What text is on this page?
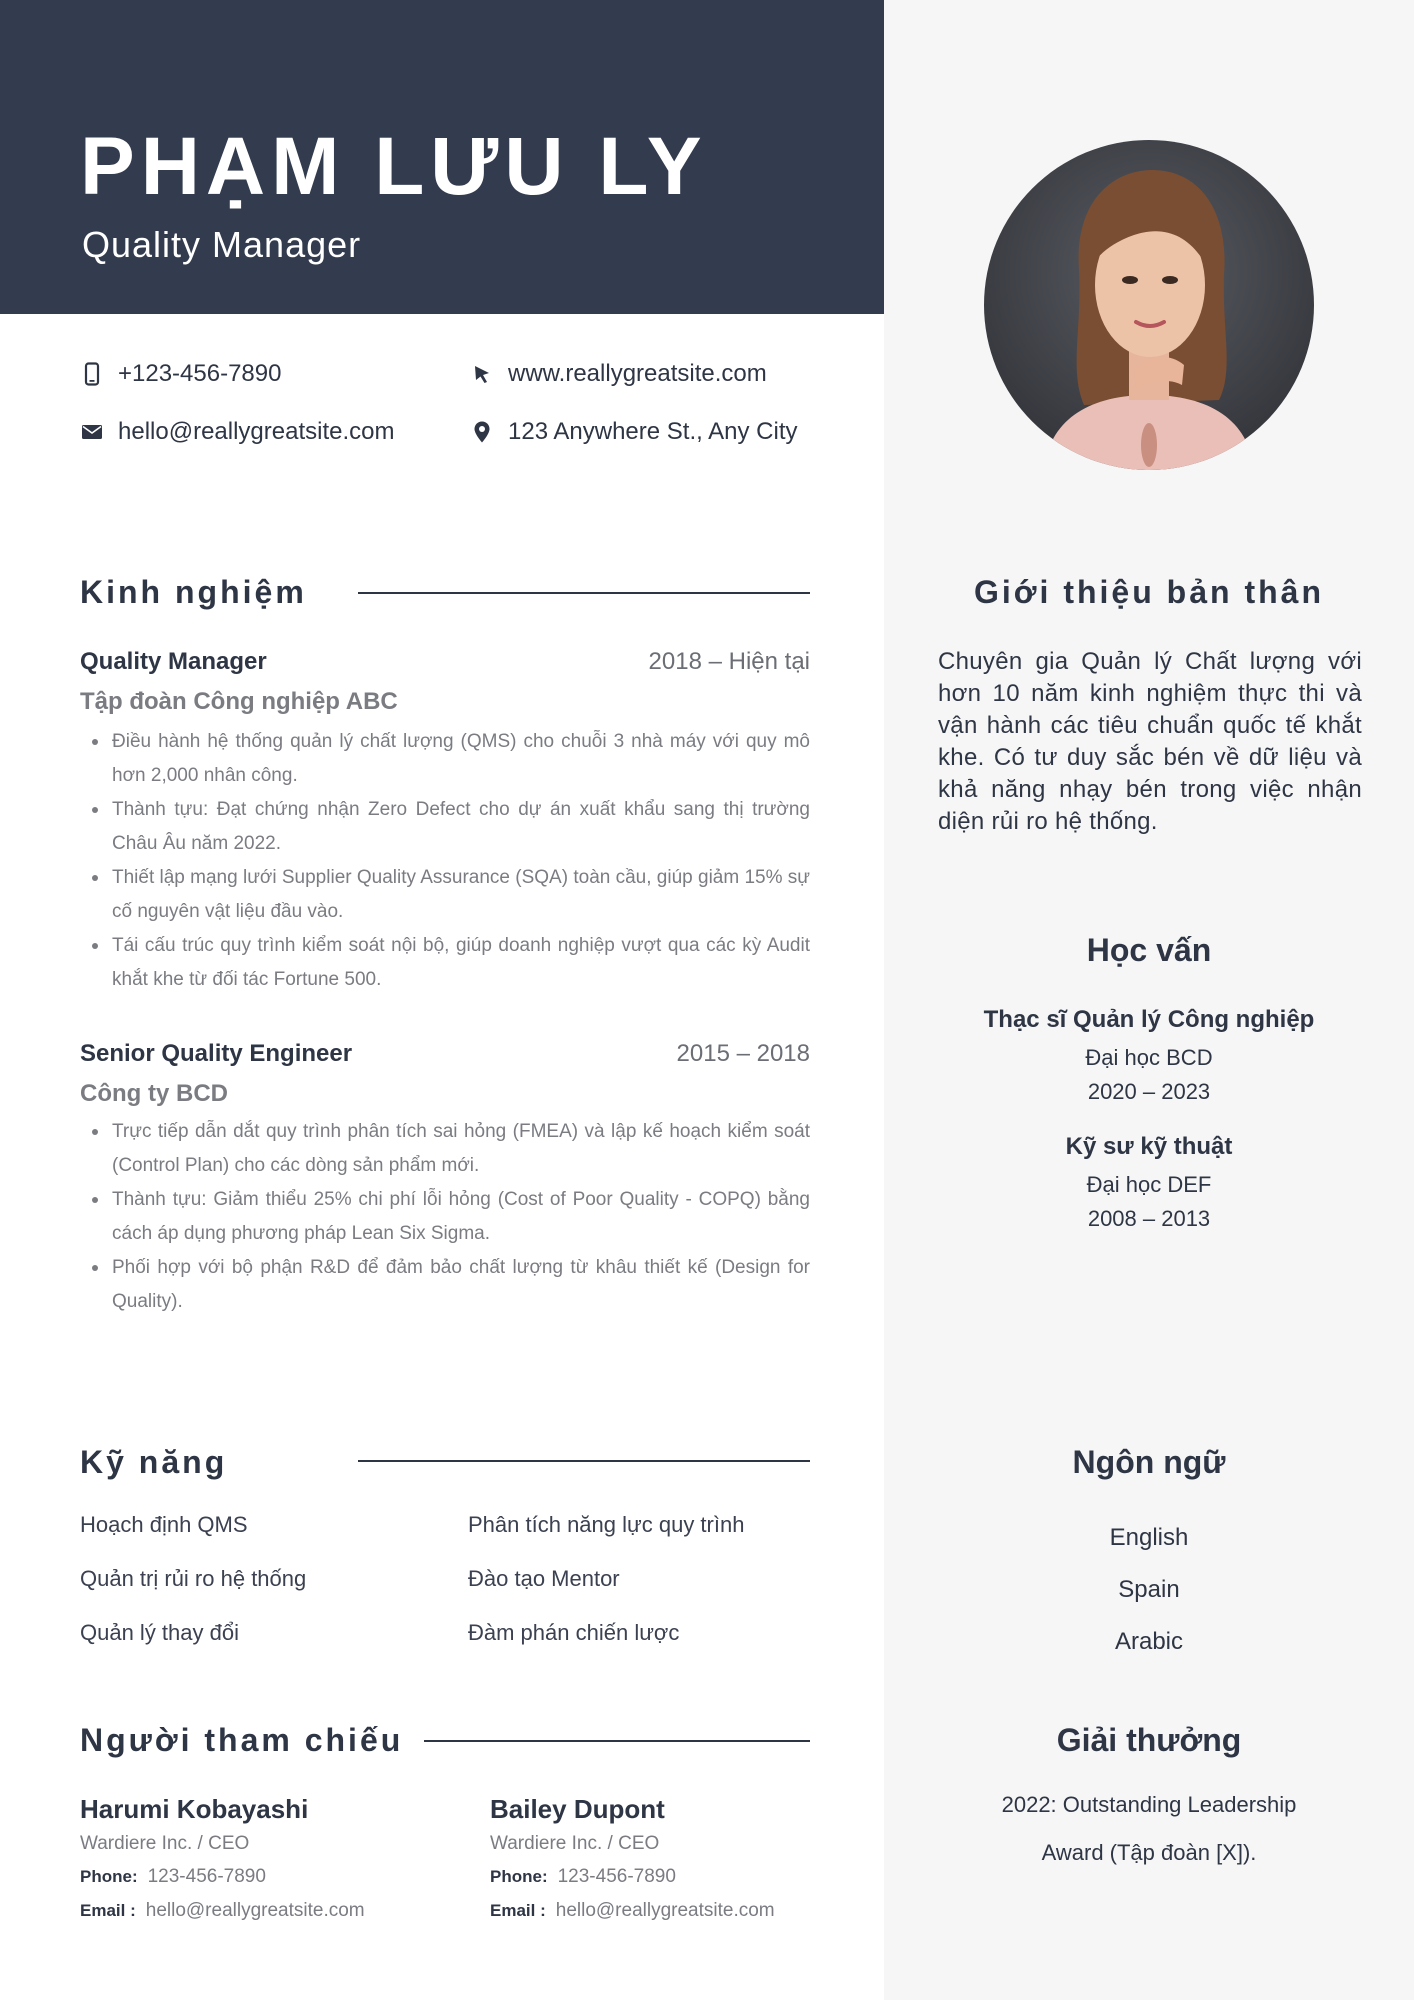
PHẠM LƯU LY
Quality Manager
+123-456-7890	www.reallygreatsite.com
hello@reallygreatsite.com	123 Anywhere St., Any City
Kinh nghiệm
Quality Manager	2018 – Hiện tại
Tập đoàn Công nghiệp ABC
Điều hành hệ thống quản lý chất lượng (QMS) cho chuỗi 3 nhà máy với quy mô hơn 2,000 nhân công.
Thành tựu: Đạt chứng nhận Zero Defect cho dự án xuất khẩu sang thị trường Châu Âu năm 2022.
Thiết lập mạng lưới Supplier Quality Assurance (SQA) toàn cầu, giúp giảm 15% sự cố nguyên vật liệu đầu vào.
Tái cấu trúc quy trình kiểm soát nội bộ, giúp doanh nghiệp vượt qua các kỳ Audit khắt khe từ đối tác Fortune 500.
Senior Quality Engineer	2015 – 2018
Công ty BCD
Trực tiếp dẫn dắt quy trình phân tích sai hỏng (FMEA) và lập kế hoạch kiểm soát (Control Plan) cho các dòng sản phẩm mới.
Thành tựu: Giảm thiểu 25% chi phí lỗi hỏng (Cost of Poor Quality - COPQ) bằng cách áp dụng phương pháp Lean Six Sigma.
Phối hợp với bộ phận R&D để đảm bảo chất lượng từ khâu thiết kế (Design for Quality).
Kỹ năng
Hoạch định QMS	Phân tích năng lực quy trình
Quản trị rủi ro hệ thống	Đào tạo Mentor
Quản lý thay đổi	Đàm phán chiến lược
Người tham chiếu
Harumi Kobayashi
Wardiere Inc. / CEO
Phone: 123-456-7890
Email : hello@reallygreatsite.com
Bailey Dupont
Wardiere Inc. / CEO
Phone: 123-456-7890
Email : hello@reallygreatsite.com
Giới thiệu bản thân
Chuyên gia Quản lý Chất lượng với hơn 10 năm kinh nghiệm thực thi và vận hành các tiêu chuẩn quốc tế khắt khe. Có tư duy sắc bén về dữ liệu và khả năng nhạy bén trong việc nhận diện rủi ro hệ thống.
Học vấn
Thạc sĩ Quản lý Công nghiệp
Đại học BCD
2020 – 2023
Kỹ sư kỹ thuật
Đại học DEF
2008 – 2013
Ngôn ngữ
English
Spain
Arabic
Giải thưởng
2022: Outstanding Leadership
Award (Tập đoàn [X]).
